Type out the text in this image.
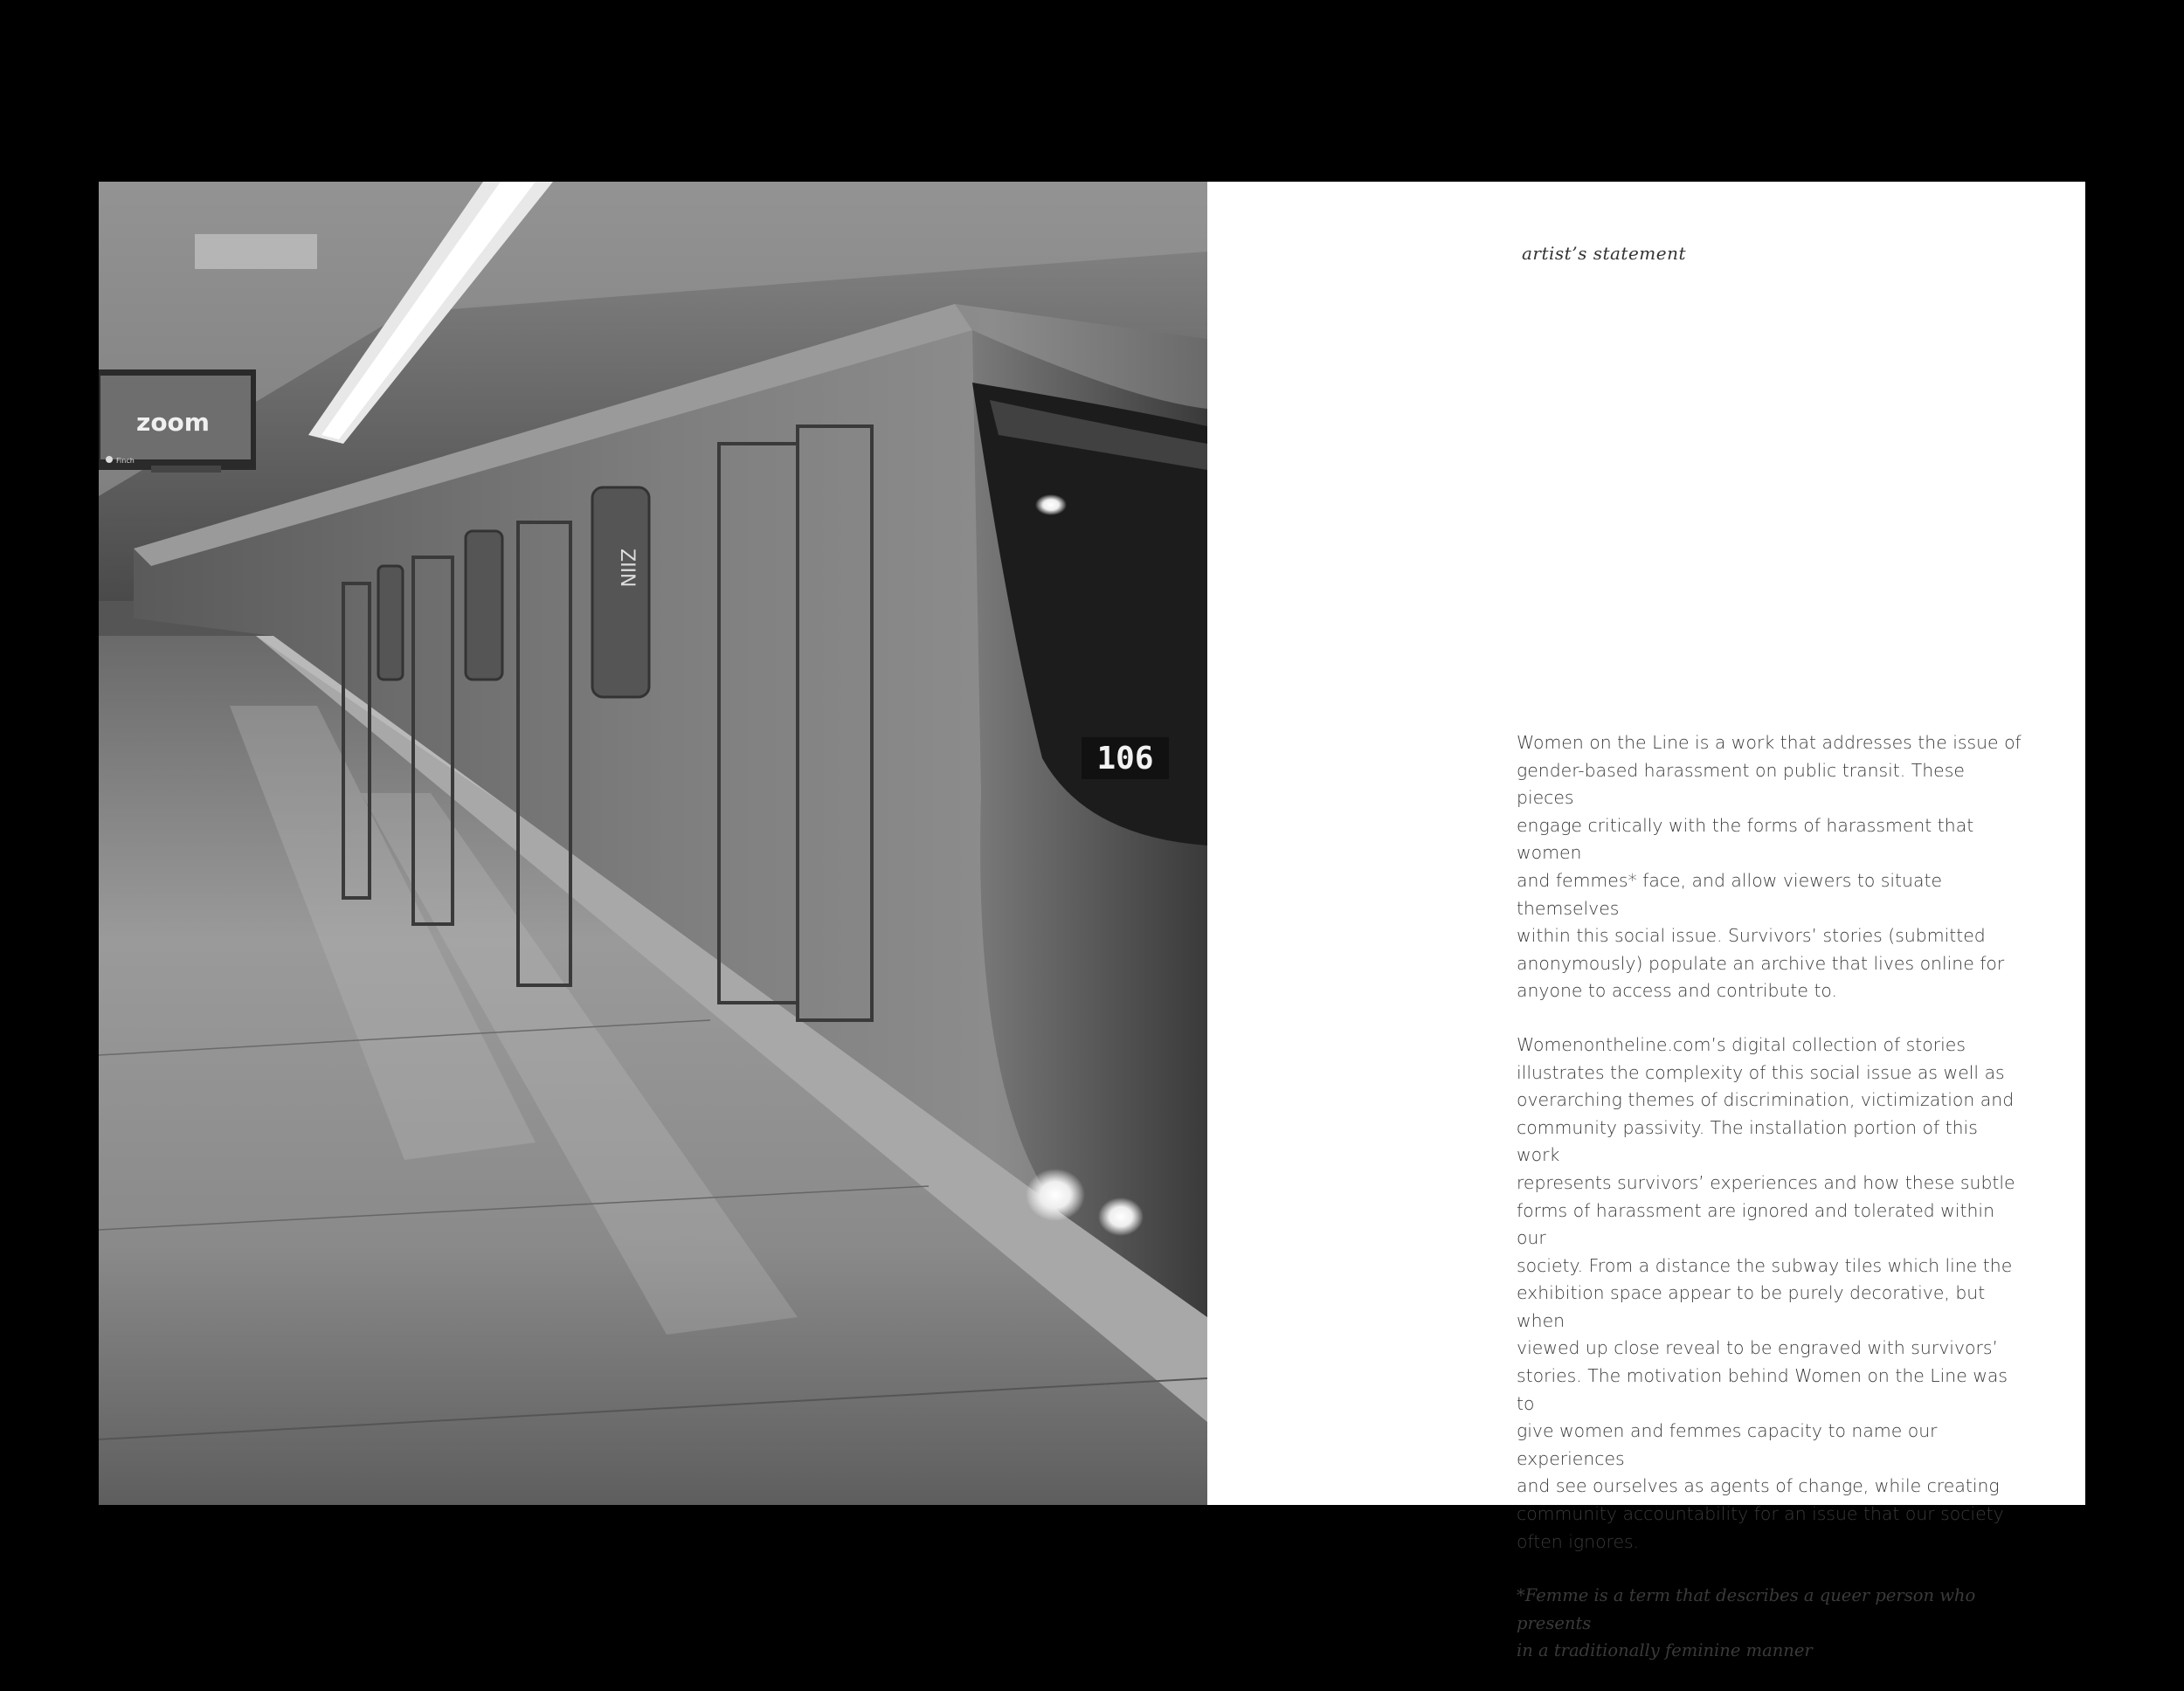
106
ZIIN
zoom
Finch
artist’s statement

Women on the Line is a work that addresses the issue of
gender-based harassment on public transit. These pieces
engage critically with the forms of harassment that women
and femmes* face, and allow viewers to situate themselves
within this social issue. Survivors’ stories (submitted
anonymously) populate an archive that lives online for
anyone to access and contribute to.

Womenontheline.com’s digital collection of stories
illustrates the complexity of this social issue as well as
overarching themes of discrimination, victimization and
community passivity. The installation portion of this work
represents survivors’ experiences and how these subtle
forms of harassment are ignored and tolerated within our
society. From a distance the subway tiles which line the
exhibition space appear to be purely decorative, but when
viewed up close reveal to be engraved with survivors’
stories. The motivation behind Women on the Line was to
give women and femmes capacity to name our experiences
and see ourselves as agents of change, while creating
community accountability for an issue that our society
often ignores.

*Femme is a term that describes a queer person who presents
in a traditionally feminine manner
